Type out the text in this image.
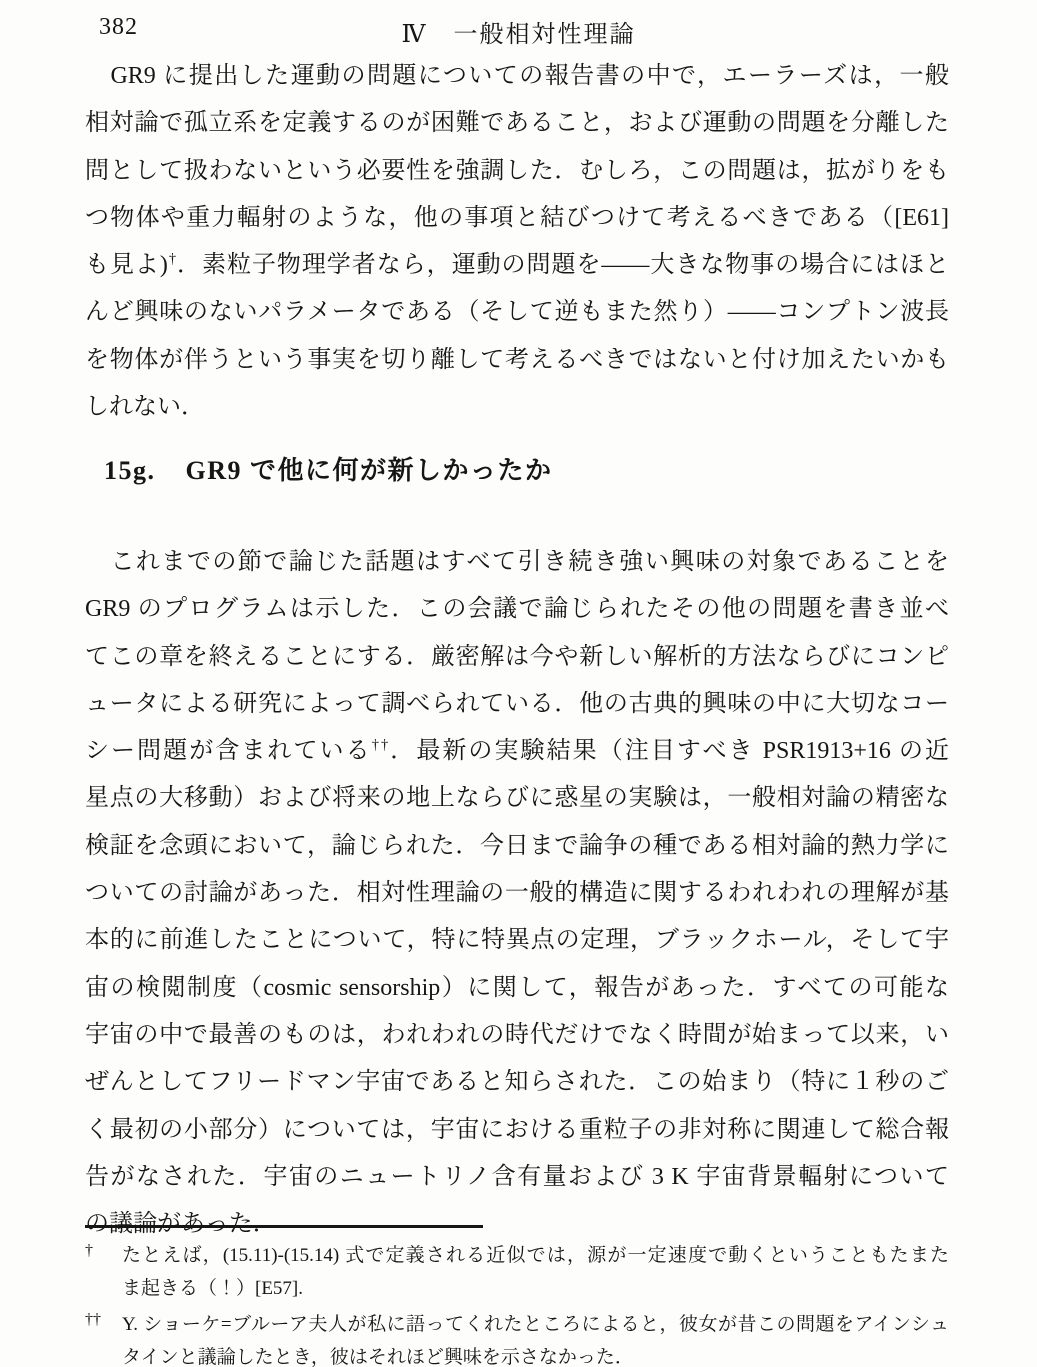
382	Ⅳ　一般相対性理論
　GR9 に提出した運動の問題についての報告書の中で，エーラーズは，一般
相対論で孤立系を定義するのが困難であること，および運動の問題を分離した
問として扱わないという必要性を強調した．むしろ，この問題は，拡がりをも
つ物体や重力輻射のような，他の事項と結びつけて考えるべきである（[E61]
も見よ)†．素粒子物理学者なら，運動の問題を——大きな物事の場合にはほと
んど興味のないパラメータである（そして逆もまた然り）——コンプトン波長
を物体が伴うという事実を切り離して考えるべきではないと付け加えたいかも
しれない．
15g. GR9 で他に何が新しかったか
　これまでの節で論じた話題はすべて引き続き強い興味の対象であることを
GR9 のプログラムは示した．この会議で論じられたその他の問題を書き並べ
てこの章を終えることにする．厳密解は今や新しい解析的方法ならびにコンピ
ュータによる研究によって調べられている．他の古典的興味の中に大切なコー
シー問題が含まれている††．最新の実験結果（注目すべき PSR1913+16 の近
星点の大移動）および将来の地上ならびに惑星の実験は，一般相対論の精密な
検証を念頭において，論じられた．今日まで論争の種である相対論的熱力学に
ついての討論があった．相対性理論の一般的構造に関するわれわれの理解が基
本的に前進したことについて，特に特異点の定理，ブラックホール，そして宇
宙の検閲制度（cosmic sensorship）に関して，報告があった．すべての可能な
宇宙の中で最善のものは，われわれの時代だけでなく時間が始まって以来，い
ぜんとしてフリードマン宇宙であると知らされた．この始まり（特に１秒のご
く最初の小部分）については，宇宙における重粒子の非対称に関連して総合報
告がなされた．宇宙のニュートリノ含有量および 3 K 宇宙背景輻射について
† たとえば，(15.11)-(15.14) 式で定義される近似では，源が一定速度で動くということもたまた
ま起きる（！）[E57].
†† Y. ショーケ=ブルーア夫人が私に語ってくれたところによると，彼女が昔この問題をアインシュ
タインと議論したとき，彼はそれほど興味を示さなかった．
